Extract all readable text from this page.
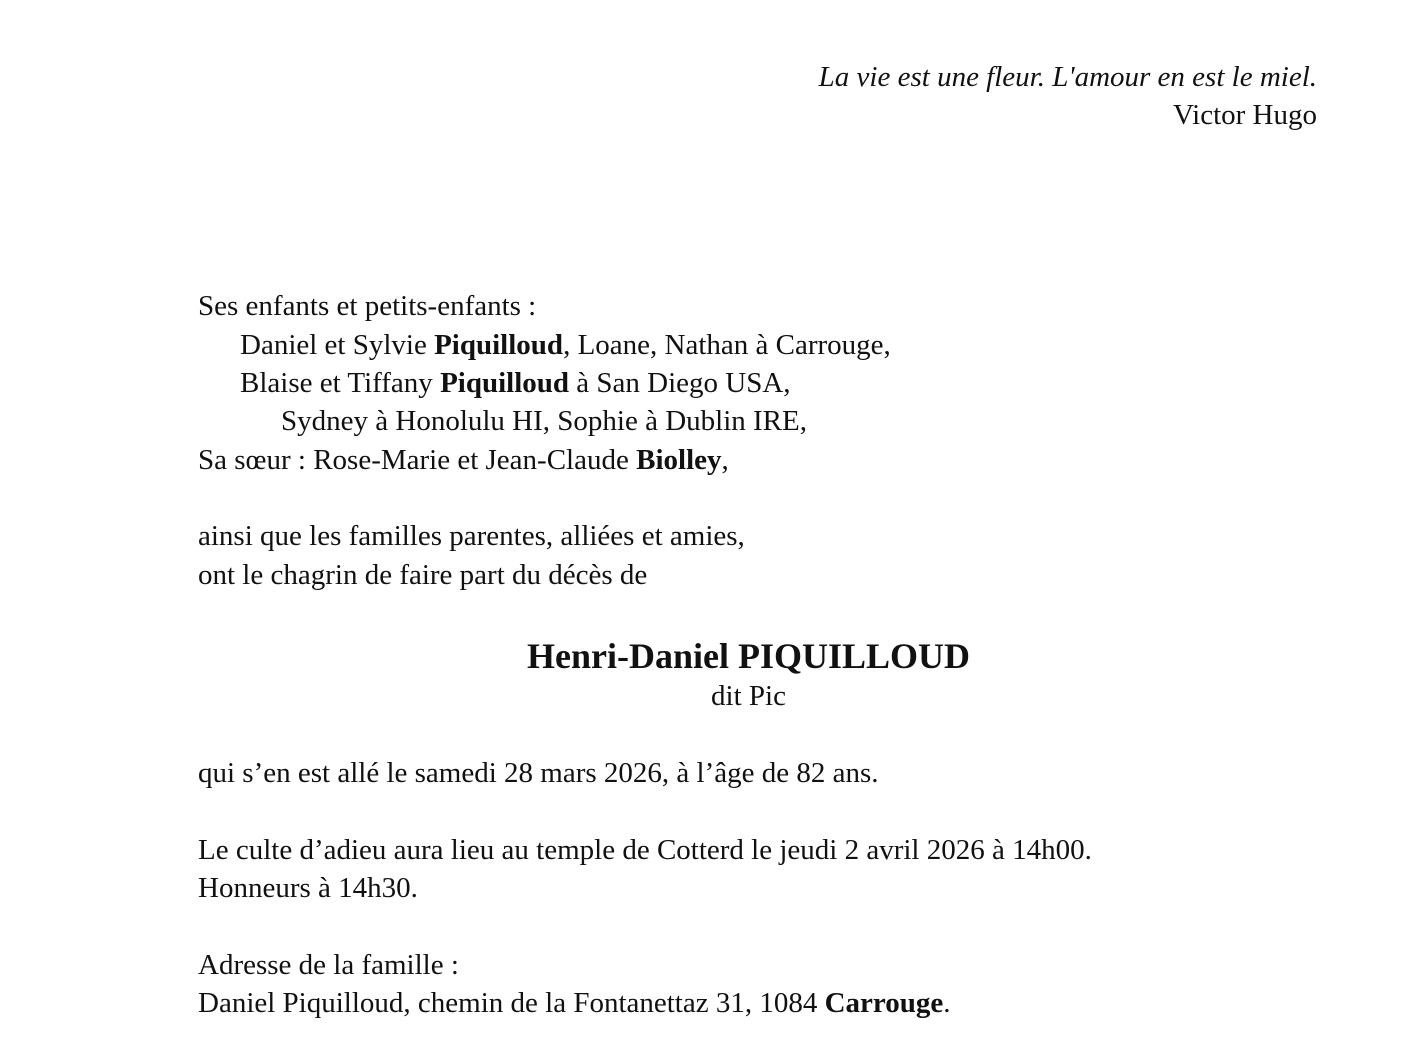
La vie est une fleur. L'amour en est le miel.
Victor Hugo
Ses enfants et petits-enfants :
Daniel et Sylvie Piquilloud, Loane, Nathan à Carrouge,
Blaise et Tiffany Piquilloud à San Diego USA,
Sydney à Honolulu HI, Sophie à Dublin IRE,
Sa sœur : Rose-Marie et Jean-Claude Biolley,
ainsi que les familles parentes, alliées et amies,
ont le chagrin de faire part du décès de
Henri-Daniel PIQUILLOUD
dit Pic
qui s’en est allé le samedi 28 mars 2026, à l’âge de 82 ans.
Le culte d’adieu aura lieu au temple de Cotterd le jeudi 2 avril 2026 à 14h00.
Honneurs à 14h30.
Adresse de la famille :
Daniel Piquilloud, chemin de la Fontanettaz 31, 1084 Carrouge.
